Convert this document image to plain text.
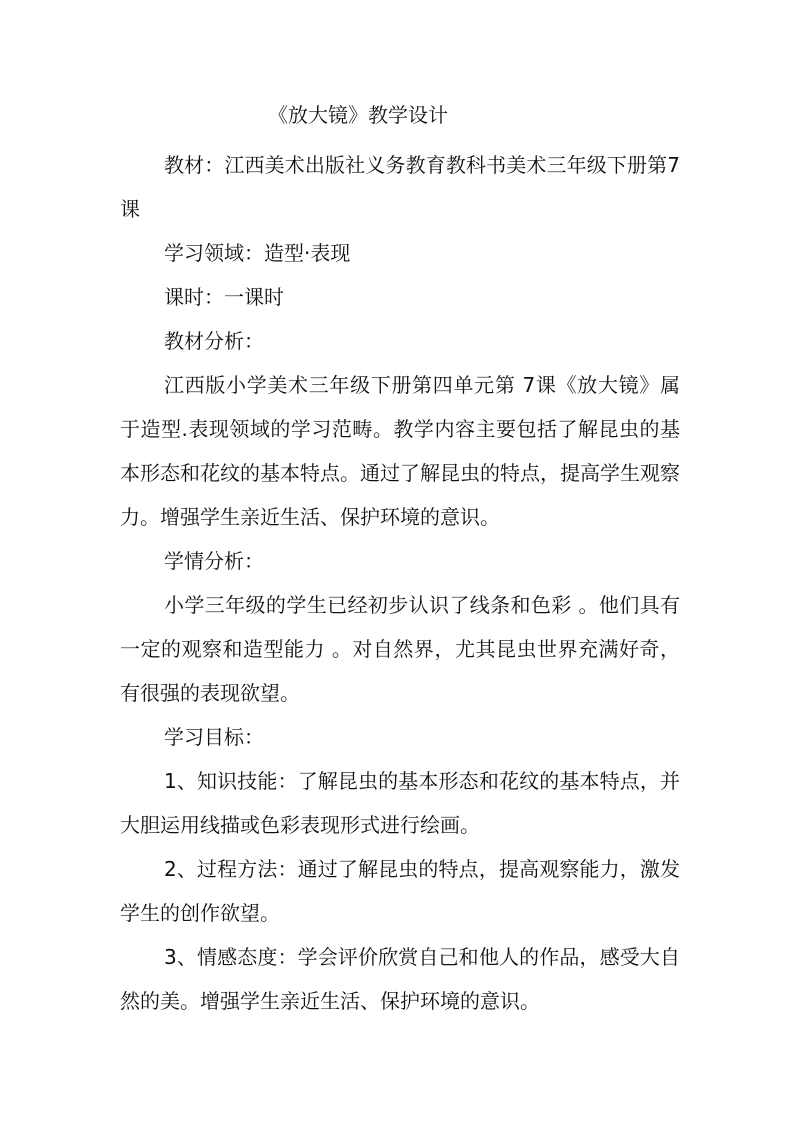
《放大镜》教学设计

教材：江西美术出版社义务教育教科书美术三年级下册第7课

学习领域：造型·表现

课时：一课时

教材分析：

江西版小学美术三年级下册第四单元第 7课《放大镜》属于造型.表现领域的学习范畴。教学内容主要包括了解昆虫的基本形态和花纹的基本特点。通过了解昆虫的特点，提高学生观察力。增强学生亲近生活、保护环境的意识。

学情分析：

小学三年级的学生已经初步认识了线条和色彩 。他们具有一定的观察和造型能力 。对自然界，尤其昆虫世界充满好奇，有很强的表现欲望。

学习目标：

1、知识技能：了解昆虫的基本形态和花纹的基本特点，并大胆运用线描或色彩表现形式进行绘画。

2、过程方法：通过了解昆虫的特点，提高观察能力，激发学生的创作欲望。

3、情感态度：学会评价欣赏自己和他人的作品，感受大自然的美。增强学生亲近生活、保护环境的意识。
